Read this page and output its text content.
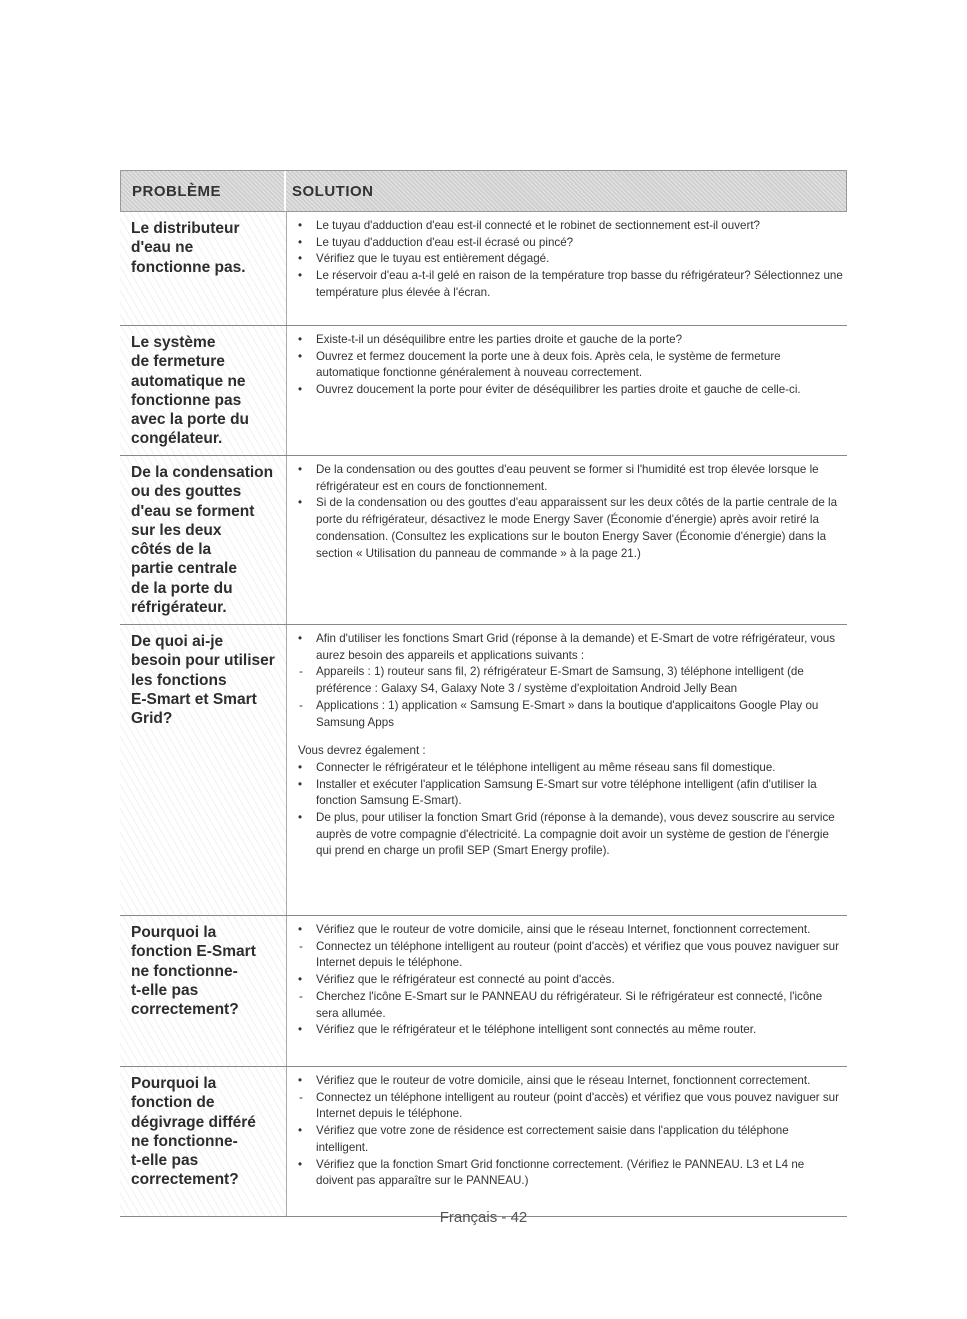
PROBLÈME	SOLUTION
Le distributeur
d'eau ne
fonctionne pas.
• Le tuyau d'adduction d'eau est-il connecté et le robinet de sectionnement est-il ouvert?
• Le tuyau d'adduction d'eau est-il écrasé ou pincé?
• Vérifiez que le tuyau est entièrement dégagé.
• Le réservoir d'eau a-t-il gelé en raison de la température trop basse du réfrigérateur? Sélectionnez une température plus élevée à l'écran.
Le système
de fermeture
automatique ne
fonctionne pas
avec la porte du
congélateur.
• Existe-t-il un déséquilibre entre les parties droite et gauche de la porte?
• Ouvrez et fermez doucement la porte une à deux fois. Après cela, le système de fermeture automatique fonctionne généralement à nouveau correctement.
• Ouvrez doucement la porte pour éviter de déséquilibrer les parties droite et gauche de celle-ci.
De la condensation
ou des gouttes
d'eau se forment
sur les deux
côtés de la
partie centrale
de la porte du
réfrigérateur.
• De la condensation ou des gouttes d'eau peuvent se former si l'humidité est trop élevée lorsque le réfrigérateur est en cours de fonctionnement.
• Si de la condensation ou des gouttes d'eau apparaissent sur les deux côtés de la partie centrale de la porte du réfrigérateur, désactivez le mode Energy Saver (Économie d'énergie) après avoir retiré la condensation. (Consultez les explications sur le bouton Energy Saver (Économie d'énergie) dans la section « Utilisation du panneau de commande » à la page 21.)
De quoi ai-je
besoin pour utiliser
les fonctions
E-Smart et Smart
Grid?
• Afin d'utiliser les fonctions Smart Grid (réponse à la demande) et E-Smart de votre réfrigérateur, vous aurez besoin des appareils et applications suivants :
- Appareils : 1) routeur sans fil, 2) réfrigérateur E-Smart de Samsung, 3) téléphone intelligent (de préférence : Galaxy S4, Galaxy Note 3 / système d'exploitation Android Jelly Bean
- Applications : 1) application « Samsung E-Smart » dans la boutique d'applicaitons Google Play ou Samsung Apps
Vous devrez également :
• Connecter le réfrigérateur et le téléphone intelligent au même réseau sans fil domestique.
• Installer et exécuter l'application Samsung E-Smart sur votre téléphone intelligent (afin d'utiliser la fonction Samsung E-Smart).
• De plus, pour utiliser la fonction Smart Grid (réponse à la demande), vous devez souscrire au service auprès de votre compagnie d'électricité. La compagnie doit avoir un système de gestion de l'énergie qui prend en charge un profil SEP (Smart Energy profile).
Pourquoi la
fonction E-Smart
ne fonctionne-
t-elle pas
correctement?
• Vérifiez que le routeur de votre domicile, ainsi que le réseau Internet, fonctionnent correctement.
- Connectez un téléphone intelligent au routeur (point d'accès) et vérifiez que vous pouvez naviguer sur Internet depuis le téléphone.
• Vérifiez que le réfrigérateur est connecté au point d'accès.
- Cherchez l'icône E-Smart sur le PANNEAU du réfrigérateur. Si le réfrigérateur est connecté, l'icône sera allumée.
• Vérifiez que le réfrigérateur et le téléphone intelligent sont connectés au même router.
Pourquoi la
fonction de
dégivrage différé
ne fonctionne-
t-elle pas
correctement?
• Vérifiez que le routeur de votre domicile, ainsi que le réseau Internet, fonctionnent correctement.
- Connectez un téléphone intelligent au routeur (point d'accès) et vérifiez que vous pouvez naviguer sur Internet depuis le téléphone.
• Vérifiez que votre zone de résidence est correctement saisie dans l'application du téléphone intelligent.
• Vérifiez que la fonction Smart Grid fonctionne correctement. (Vérifiez le PANNEAU. L3 et L4 ne doivent pas apparaître sur le PANNEAU.)
Français - 42
